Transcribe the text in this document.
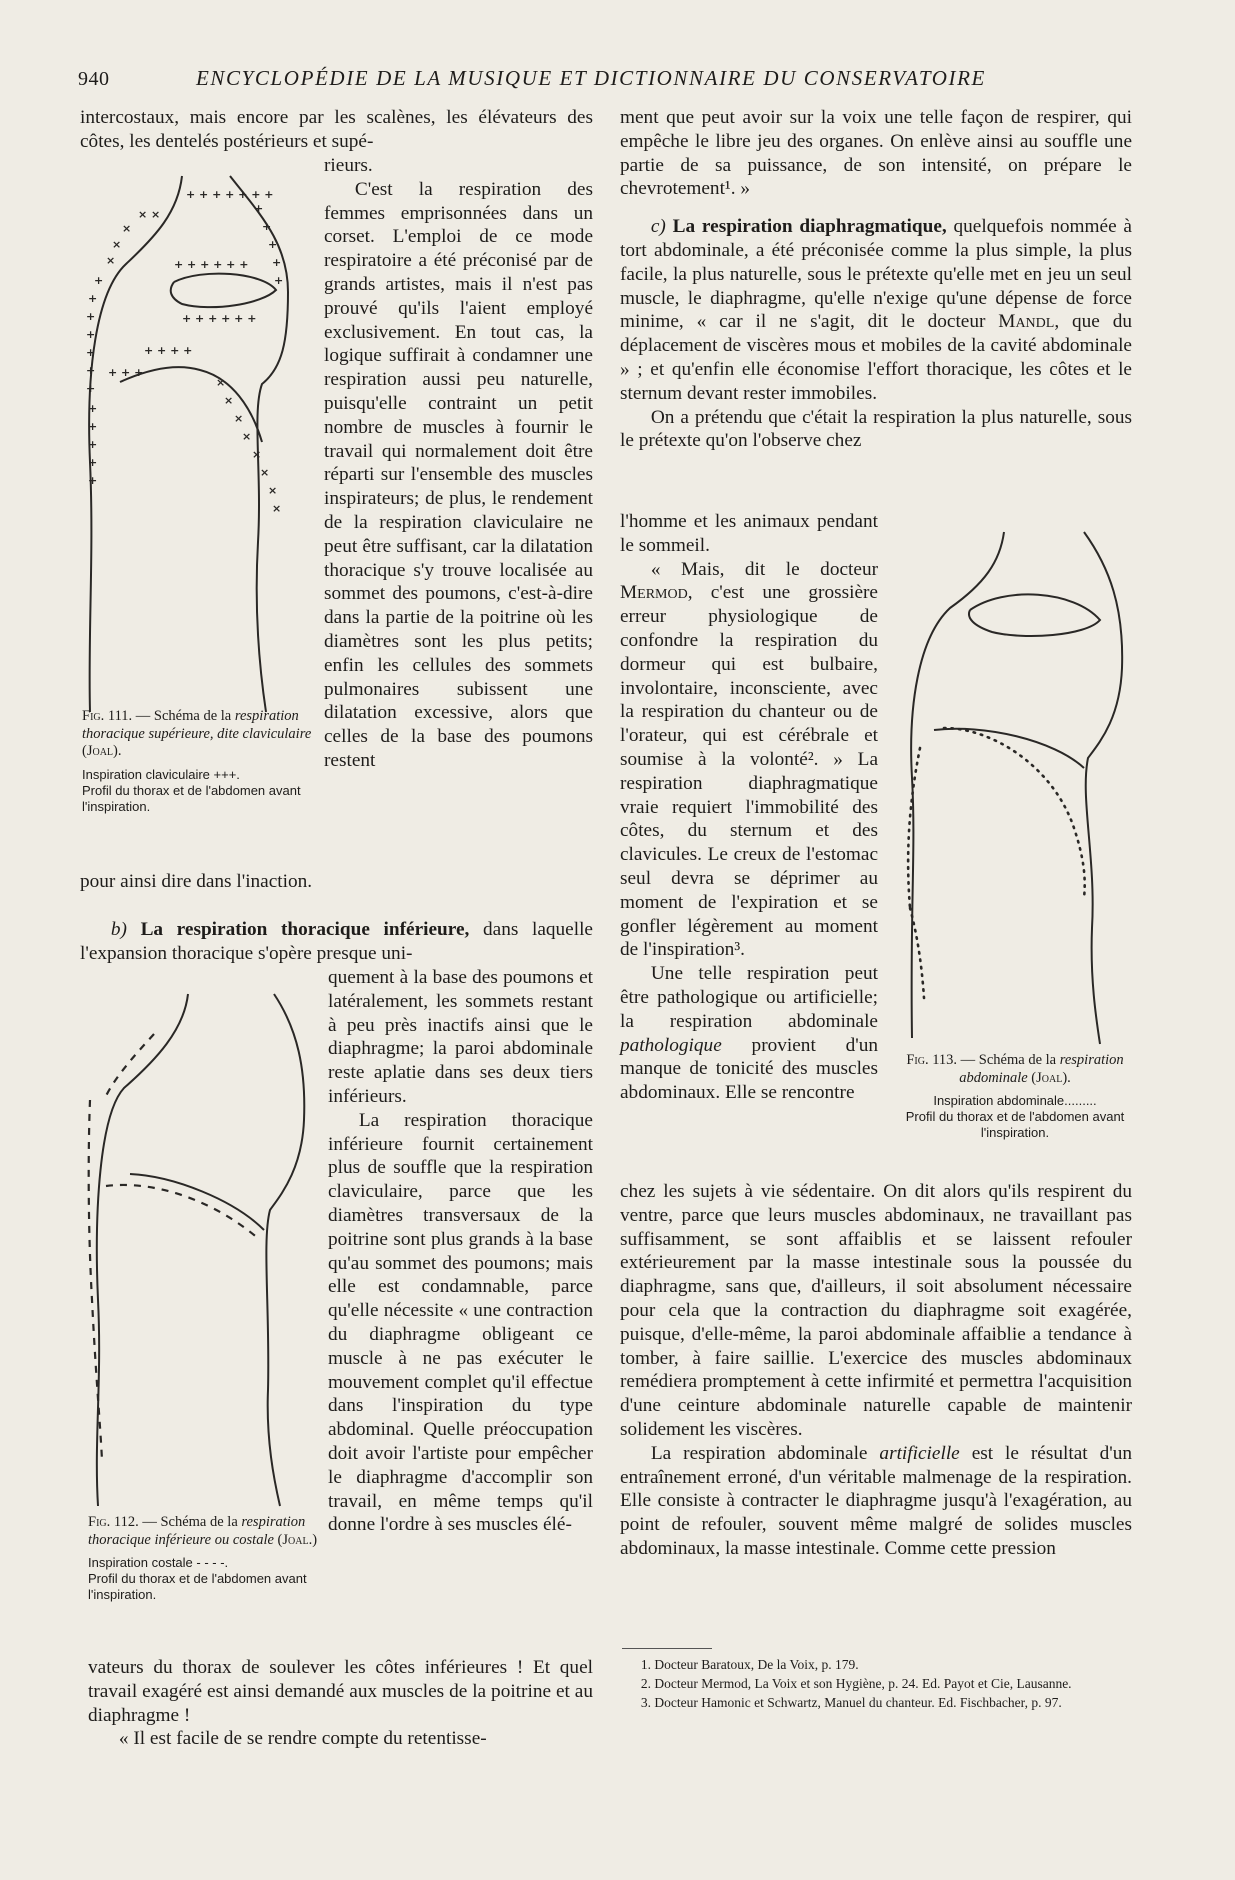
940	ENCYCLOPÉDIE DE LA MUSIQUE ET DICTIONNAIRE DU CONSERVATOIRE

intercostaux, mais encore par les scalènes, les élévateurs des côtes, les dentelés postérieurs et supé-

rieurs.

C'est la respiration des femmes emprisonnées dans un corset. L'emploi de ce mode respiratoire a été préconisé par de grands artistes, mais il n'est pas prouvé qu'ils l'aient employé exclusivement. En tout cas, la logique suffirait à condamner une respiration aussi peu naturelle, puisqu'elle contraint un petit nombre de muscles à fournir le travail qui normalement doit être réparti sur l'ensemble des muscles inspirateurs; de plus, le rendement de la respiration claviculaire ne peut être suffisant, car la dilatation thoracique s'y trouve localisée au sommet des poumons, c'est-à-dire dans la partie de la poitrine où les diamètres sont les plus petits; enfin les cellules des sommets pulmonaires subissent une dilatation excessive, alors que celles de la base des poumons restent

+ + + + + + +
× ×
×
×
×
+
+
+
+
+
+
+
+
+
+
+
+
+ + + + + +
+ + + + + +
+ + + +
+ + +
×
×
×
×
×
×
×
×
+
+
+
+
+

Fig. 111. — Schéma de la respiration thoracique supérieure, dite claviculaire (Joal).

Inspiration claviculaire +++.

Profil du thorax et de l'abdomen avant l'inspiration.

pour ainsi dire dans l'inaction.

b) La respiration thoracique inférieure, dans laquelle l'expansion thoracique s'opère presque uni-

quement à la base des poumons et latéralement, les sommets restant à peu près inactifs ainsi que le diaphragme; la paroi abdominale reste aplatie dans ses deux tiers inférieurs.

La respiration thoracique inférieure fournit certainement plus de souffle que la respiration claviculaire, parce que les diamètres transversaux de la poitrine sont plus grands à la base qu'au sommet des poumons; mais elle est condamnable, parce qu'elle nécessite « une contraction du diaphragme obligeant ce muscle à ne pas exécuter le mouvement complet qu'il effectue dans l'inspiration du type abdominal. Quelle préoccupation doit avoir l'artiste pour empêcher le diaphragme d'accomplir son travail, en même temps qu'il donne l'ordre à ses muscles élé-

Fig. 112. — Schéma de la respiration thoracique inférieure ou costale (Joal.)

Inspiration costale - - - -.

Profil du thorax et de l'abdomen avant l'inspiration.

vateurs du thorax de soulever les côtes inférieures ! Et quel travail exagéré est ainsi demandé aux muscles de la poitrine et au diaphragme !

« Il est facile de se rendre compte du retentisse-

ment que peut avoir sur la voix une telle façon de respirer, qui empêche le libre jeu des organes. On enlève ainsi au souffle une partie de sa puissance, de son intensité, on prépare le chevrotement¹. »

c) La respiration diaphragmatique, quelquefois nommée à tort abdominale, a été préconisée comme la plus simple, la plus facile, la plus naturelle, sous le prétexte qu'elle met en jeu un seul muscle, le diaphragme, qu'elle n'exige qu'une dépense de force minime, « car il ne s'agit, dit le docteur Mandl, que du déplacement de viscères mous et mobiles de la cavité abdominale » ; et qu'enfin elle économise l'effort thoracique, les côtes et le sternum devant rester immobiles.

On a prétendu que c'était la respiration la plus naturelle, sous le prétexte qu'on l'observe chez

l'homme et les animaux pendant le sommeil.

« Mais, dit le docteur Mermod, c'est une grossière erreur physiologique de confondre la respiration du dormeur qui est bulbaire, involontaire, inconsciente, avec la respiration du chanteur ou de l'orateur, qui est cérébrale et soumise à la volonté². » La respiration diaphragmatique vraie requiert l'immobilité des côtes, du sternum et des clavicules. Le creux de l'estomac seul devra se déprimer au moment de l'expiration et se gonfler légèrement au moment de l'inspiration³.

Une telle respiration peut être pathologique ou artificielle; la respiration abdominale pathologique provient d'un manque de tonicité des muscles abdominaux. Elle se rencontre

Fig. 113. — Schéma de la respiration abdominale (Joal).

Inspiration abdominale.........

Profil du thorax et de l'abdomen avant l'inspiration.

chez les sujets à vie sédentaire. On dit alors qu'ils respirent du ventre, parce que leurs muscles abdominaux, ne travaillant pas suffisamment, se sont affaiblis et se laissent refouler extérieurement par la masse intestinale sous la poussée du diaphragme, sans que, d'ailleurs, il soit absolument nécessaire pour cela que la contraction du diaphragme soit exagérée, puisque, d'elle-même, la paroi abdominale affaiblie a tendance à tomber, à faire saillie. L'exercice des muscles abdominaux remédiera promptement à cette infirmité et permettra l'acquisition d'une ceinture abdominale naturelle capable de maintenir solidement les viscères.

La respiration abdominale artificielle est le résultat d'un entraînement erroné, d'un véritable malmenage de la respiration. Elle consiste à contracter le diaphragme jusqu'à l'exagération, au point de refouler, souvent même malgré de solides muscles abdominaux, la masse intestinale. Comme cette pression

1. Docteur Baratoux, De la Voix, p. 179.

2. Docteur Mermod, La Voix et son Hygiène, p. 24. Ed. Payot et Cie, Lausanne.

3. Docteur Hamonic et Schwartz, Manuel du chanteur. Ed. Fischbacher, p. 97.
